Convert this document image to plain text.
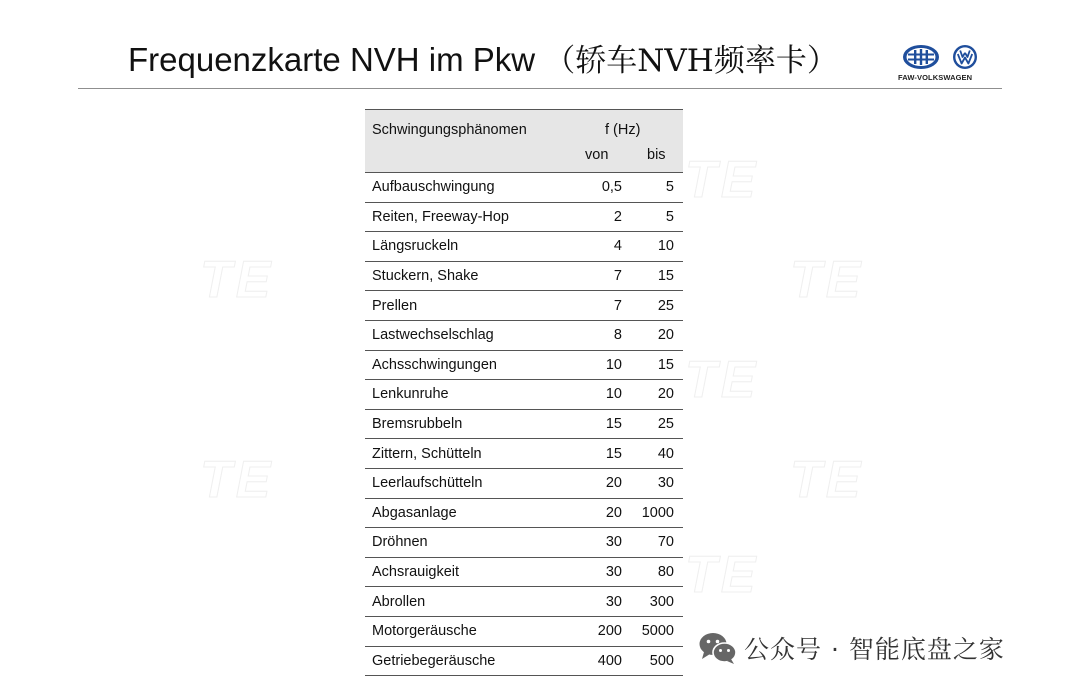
Frequenzkarte NVH im Pkw （轿车NVH频率卡）	FAW-VOLKSWAGEN
TE	TE
TE	TE
TE
TE
TE
Schwingungsphänomen	f (Hz)
von	bis
Aufbauschwingung	0,5	5
Reiten, Freeway-Hop	2	5
Längsruckeln	4	10
Stuckern, Shake	7	15
Prellen	7	25
Lastwechselschlag	8	20
Achsschwingungen	10	15
Lenkunruhe	10	20
Bremsrubbeln	15	25
Zittern, Schütteln	15	40
Leerlaufschütteln	20	30
Abgasanlage	20	1000
Dröhnen	30	70
Achsrauigkeit	30	80
Abrollen	30	300
Motorgeräusche	200	5000
Getriebegeräusche	400	500	公众号 · 智能底盘之家
